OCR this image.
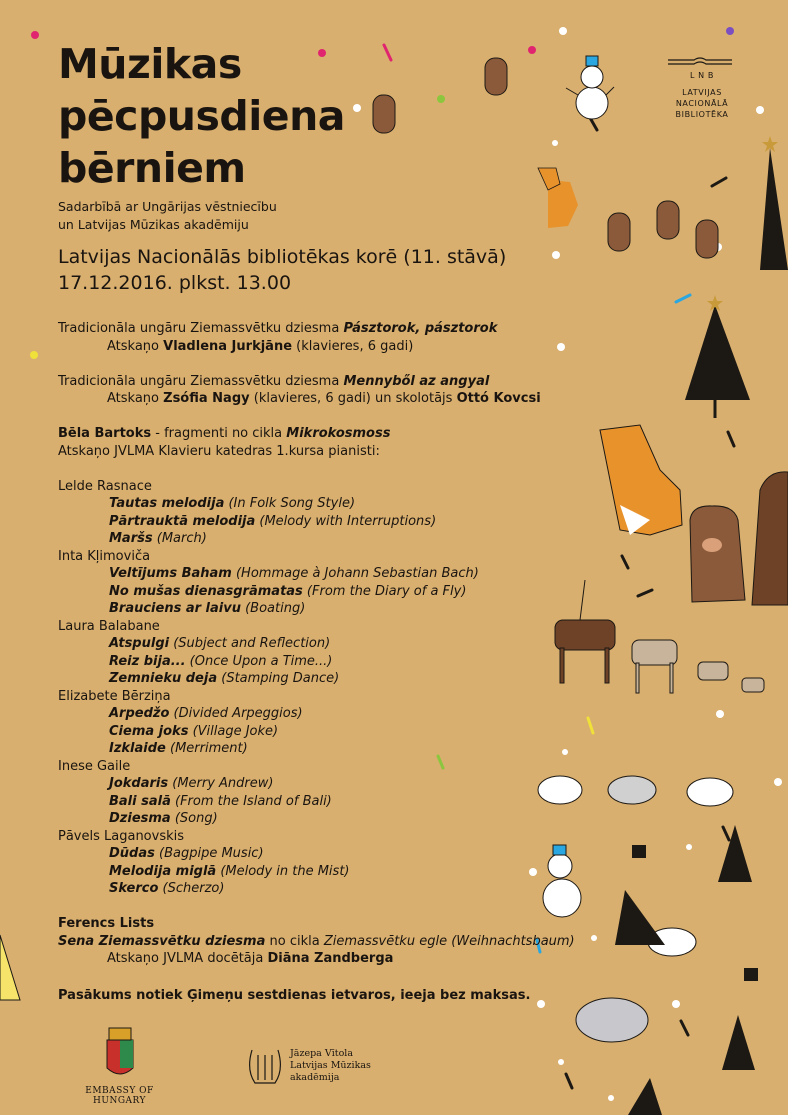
Mūzikas
pēcpusdiena
bērniem
Sadarbībā ar Ungārijas vēstniecību
un Latvijas Mūzikas akadēmiju
Latvijas Nacionālās bibliotēkas korē (11. stāvā)
17.12.2016. plkst. 13.00
Tradicionāla ungāru Ziemassvētku dziesma Pásztorok, pásztorok
Atskaņo Vladlena Jurkjāne (klavieres, 6 gadi)
Tradicionāla ungāru Ziemassvētku dziesma Mennyből az angyal
Atskaņo Zsófia Nagy (klavieres, 6 gadi) un skolotājs Ottó Kovcsi
Bēla Bartoks - fragmenti no cikla Mikrokosmoss
Atskaņo JVLMA Klavieru katedras 1.kursa pianisti:
Lelde Rasnace
Tautas melodija (In Folk Song Style)
Pārtrauktā melodija (Melody with Interruptions)
Maršs (March)
Inta Kļimoviča
Veltījums Baham (Hommage à Johann Sebastian Bach)
No mušas dienasgrāmatas (From the Diary of a Fly)
Brauciens ar laivu (Boating)
Laura Balabane
Atspulgi (Subject and Reflection)
Reiz bija... (Once Upon a Time...)
Zemnieku deja (Stamping Dance)
Elizabete Bērziņa
Arpedžo (Divided Arpeggios)
Ciema joks (Village Joke)
Izklaide (Merriment)
Inese Gaile
Jokdaris (Merry Andrew)
Bali salā (From the Island of Bali)
Dziesma (Song)
Pāvels Laganovskis
Dūdas (Bagpipe Music)
Melodija miglā (Melody in the Mist)
Skerco (Scherzo)
Ferencs Lists
Sena Ziemassvētku dziesma no cikla Ziemassvētku egle (Weihnachtsbaum)
Atskaņo JVLMA docētāja Diāna Zandberga
Pasākums notiek Ģimeņu sestdienas ietvaros, ieeja bez maksas.
L N B
LATVIJAS
NACIONĀLĀ
BIBLIOTĒKA
EMBASSY OF HUNGARY
Jāzepa Vītola
Latvijas Mūzikas
akadēmija
